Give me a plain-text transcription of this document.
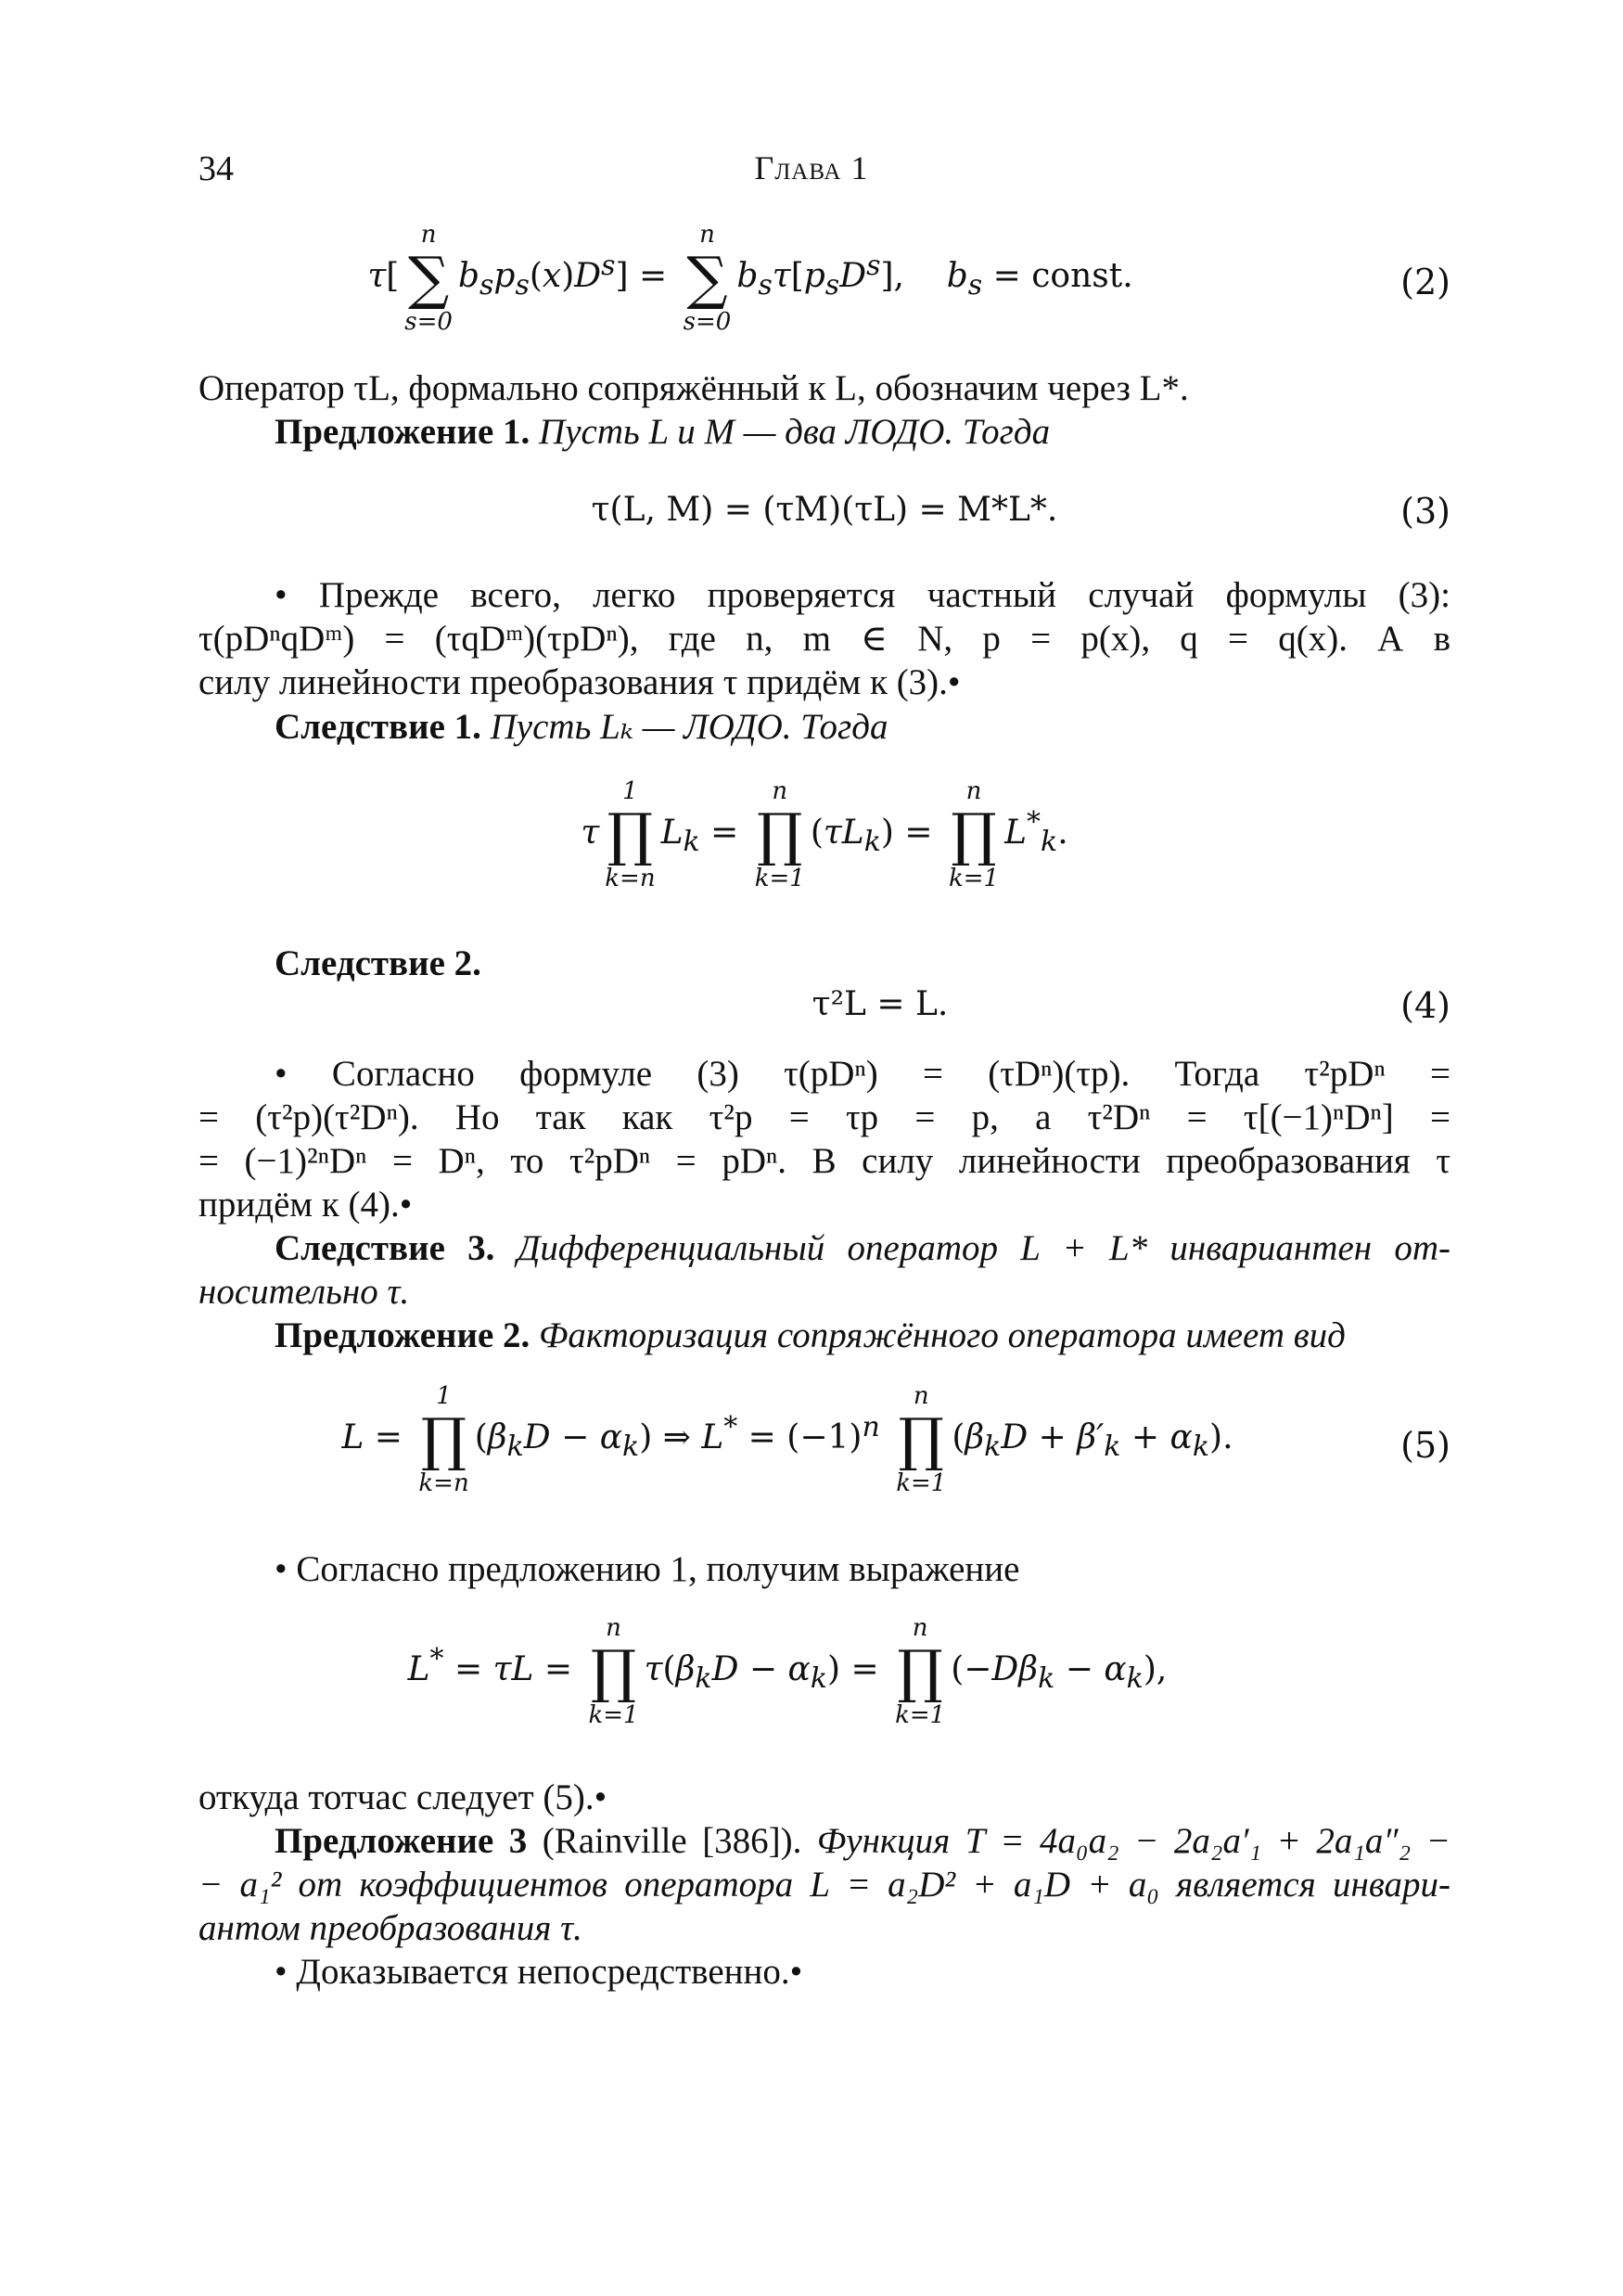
34	Глава 1
τ[
n
∑
s=0
$b_sp_s(x)D^s$] =
n
∑
s=0
$b_s\tau[p_sD^s]$,    $b_s$ = const.	(2)
Оператор τL, формально сопряжённый к L, обозначим через L*.
Предложение 1. Пусть L и M — два ЛОДО. Тогда
τ(L, M) = (τM)(τL) = M*L*.	(3)
• Прежде всего, легко проверяется частный случай формулы (3):
τ(pDⁿqDᵐ) = (τqDᵐ)(τpDⁿ), где n, m ∈ N, p = p(x), q = q(x). А в
силу линейности преобразования τ придём к (3).•
Следствие 1. Пусть Lₖ — ЛОДО. Тогда
τ
1
∏
k=n
$L_k$ =
n
∏
k=1
$(\tau L_k)$ =
n
∏
k=1
$L^*_k$.
Следствие 2.
τ²L = L.	(4)
• Согласно формуле (3) τ(pDⁿ) = (τDⁿ)(τp). Тогда τ²pDⁿ =
= (τ²p)(τ²Dⁿ). Но так как τ²p = τp = p, а τ²Dⁿ = τ[(−1)ⁿDⁿ] =
= (−1)²ⁿDⁿ = Dⁿ, то τ²pDⁿ = pDⁿ. В силу линейности преобразования τ
придём к (4).•
Следствие 3. Дифференциальный оператор L + L* инвариантен от-
носительно τ.
Предложение 2. Факторизация сопряжённого оператора имеет вид
L =
1
∏
k=n
$(\beta_kD - \alpha_k)$ ⇒ $L^* = (-1)^n$
n
∏
k=1
$(\beta_kD + \beta'_k + \alpha_k)$.	(5)
• Согласно предложению 1, получим выражение
L* = τL =
n
∏
k=1
$\tau(\beta_kD - \alpha_k)$ =
n
∏
k=1
$(-D\beta_k - \alpha_k)$,
откуда тотчас следует (5).•
Предложение 3 (Rainville [386]). Функция T = 4a₀a₂ − 2a₂a′₁ + 2a₁a″₂ −
− a₁² от коэффициентов оператора L = a₂D² + a₁D + a₀ является инвари-
антом преобразования τ.
• Доказывается непосредственно.•
